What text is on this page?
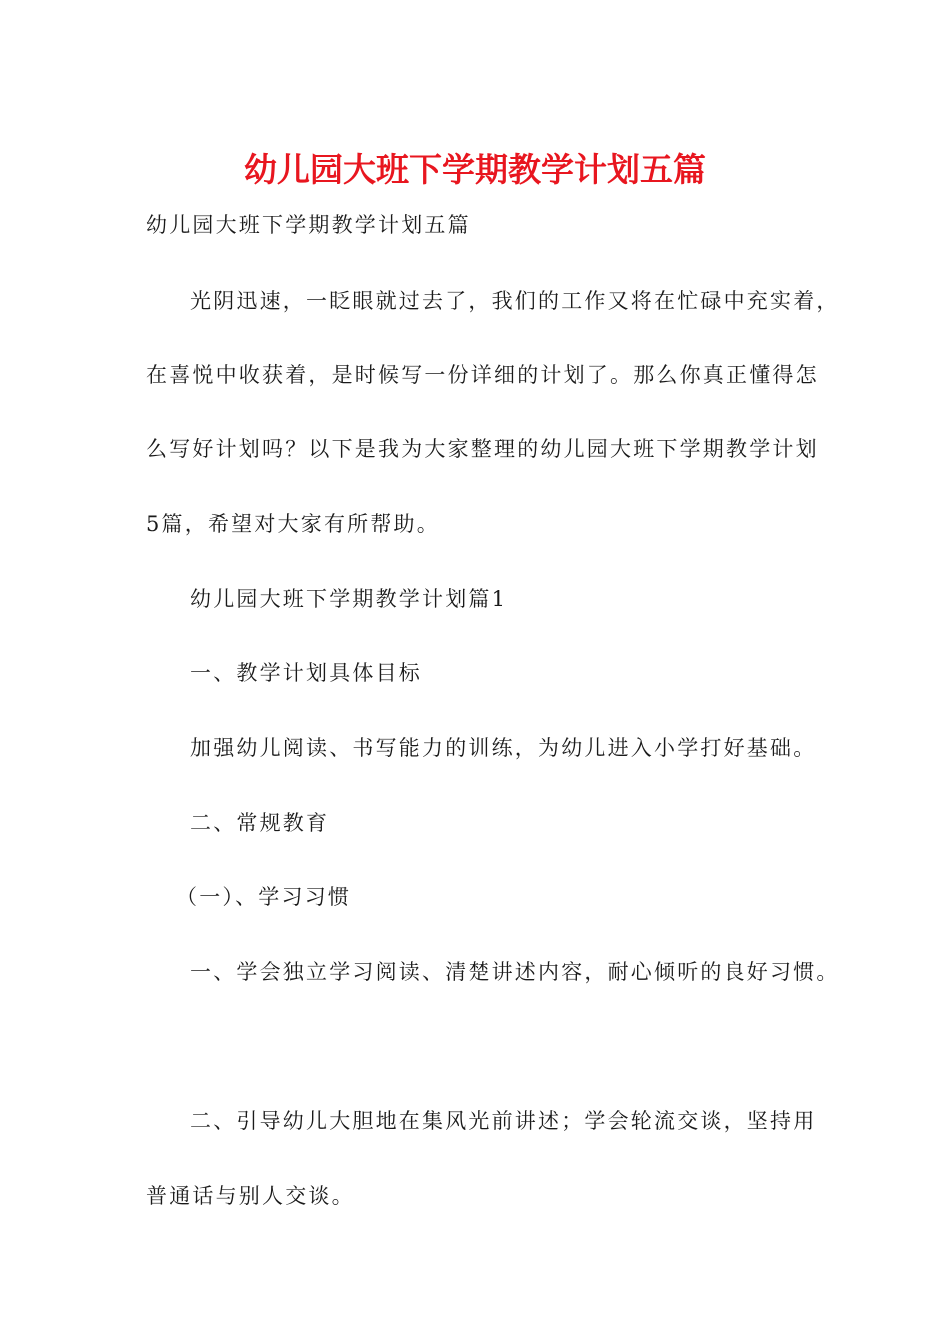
幼儿园大班下学期教学计划五篇
幼儿园大班下学期教学计划五篇
光阴迅速，一眨眼就过去了，我们的工作又将在忙碌中充实着，
在喜悦中收获着，是时候写一份详细的计划了。那么你真正懂得怎
么写好计划吗？以下是我为大家整理的幼儿园大班下学期教学计划
5篇，希望对大家有所帮助。
幼儿园大班下学期教学计划篇1
一、教学计划具体目标
加强幼儿阅读、书写能力的训练，为幼儿进入小学打好基础。
二、常规教育
（一）、学习习惯
一、学会独立学习阅读、清楚讲述内容，耐心倾听的良好习惯。
二、引导幼儿大胆地在集风光前讲述；学会轮流交谈，坚持用
普通话与别人交谈。
